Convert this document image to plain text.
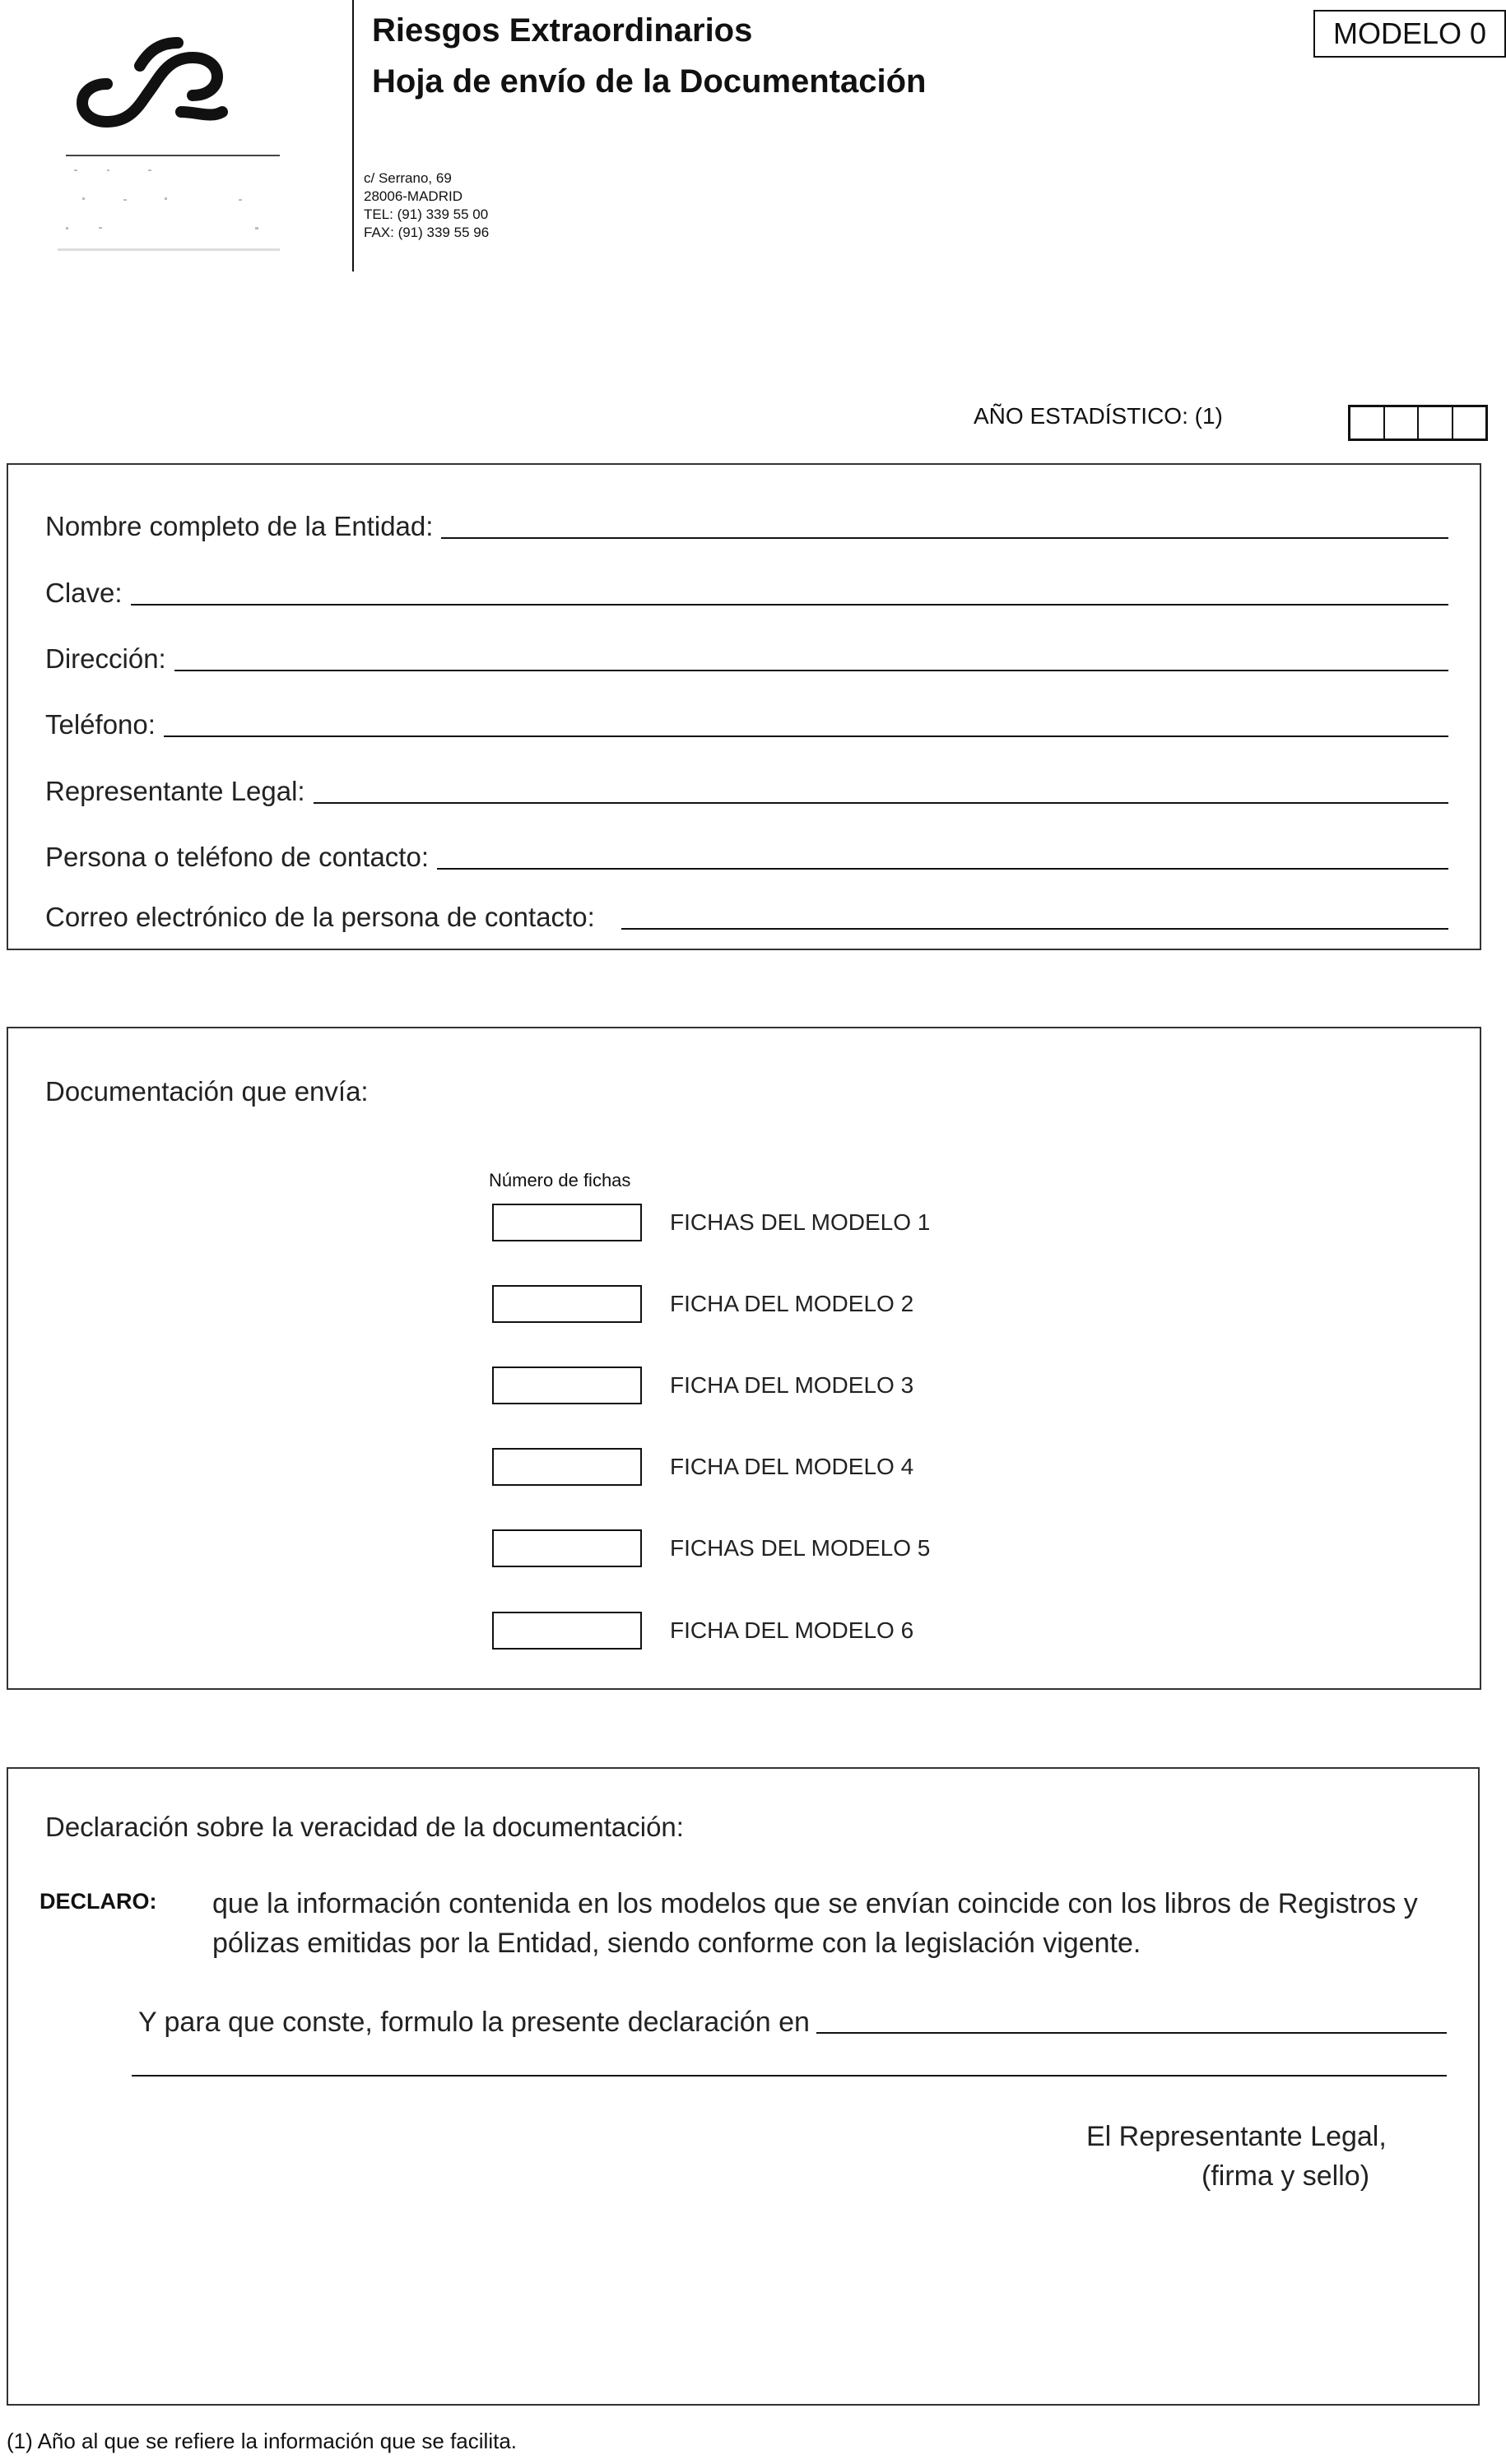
Riesgos Extraordinarios
Hoja de envío de la Documentación
c/ Serrano, 69
28006-MADRID
TEL: (91) 339 55 00
FAX: (91) 339 55 96
MODELO 0
AÑO ESTADÍSTICO: (1)
Nombre completo de la Entidad:
Clave:
Dirección:
Teléfono:
Representante Legal:
Persona o teléfono de contacto:
Correo electrónico de la persona de contacto:
Documentación que envía:
Número de fichas
FICHAS DEL MODELO 1
FICHA DEL MODELO 2
FICHA DEL MODELO 3
FICHA DEL MODELO 4
FICHAS DEL MODELO 5
FICHA DEL MODELO 6
Declaración sobre la veracidad de la documentación:
DECLARO: que la información contenida en los modelos que se envían coincide con los libros de Registros y pólizas emitidas por la Entidad, siendo conforme con la legislación vigente.
Y para que conste, formulo la presente declaración en
El Representante Legal,
(firma y sello)
(1) Año al que se refiere la información que se facilita.
